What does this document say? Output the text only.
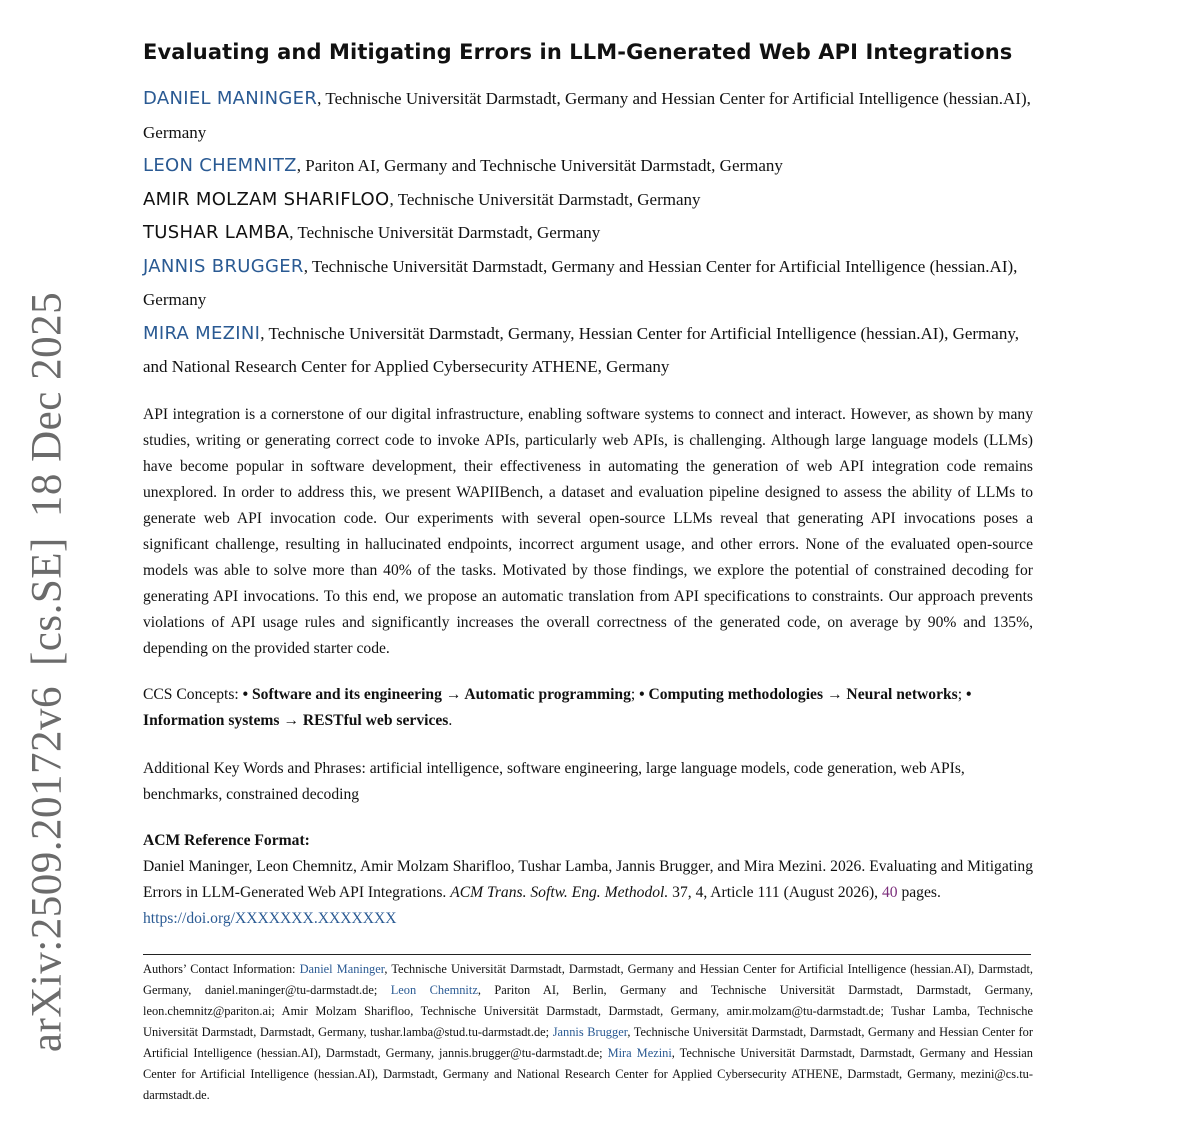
arXiv:2509.20172v6[cs.SE]18 Dec 2025
Evaluating and Mitigating Errors in LLM-Generated Web API Integrations

DANIEL MANINGER, Technische Universität Darmstadt, Germany and Hessian Center for Artificial Intelligence (hessian.AI), Germany

LEON CHEMNITZ, Pariton AI, Germany and Technische Universität Darmstadt, Germany

AMIR MOLZAM SHARIFLOO, Technische Universität Darmstadt, Germany

TUSHAR LAMBA, Technische Universität Darmstadt, Germany

JANNIS BRUGGER, Technische Universität Darmstadt, Germany and Hessian Center for Artificial Intelligence (hessian.AI), Germany

MIRA MEZINI, Technische Universität Darmstadt, Germany, Hessian Center for Artificial Intelligence (hessian.AI), Germany, and National Research Center for Applied Cybersecurity ATHENE, Germany

API integration is a cornerstone of our digital infrastructure, enabling software systems to connect and interact. However, as shown by many studies, writing or generating correct code to invoke APIs, particularly web APIs, is challenging. Although large language models (LLMs) have become popular in software development, their effectiveness in automating the generation of web API integration code remains unexplored. In order to address this, we present WAPIIBench, a dataset and evaluation pipeline designed to assess the ability of LLMs to generate web API invocation code. Our experiments with several open-source LLMs reveal that generating API invocations poses a significant challenge, resulting in hallucinated endpoints, incorrect argument usage, and other errors. None of the evaluated open-source models was able to solve more than 40% of the tasks. Motivated by those findings, we explore the potential of constrained decoding for generating API invocations. To this end, we propose an automatic translation from API specifications to constraints. Our approach prevents violations of API usage rules and significantly increases the overall correctness of the generated code, on average by 90% and 135%, depending on the provided starter code.

CCS Concepts: • Software and its engineering → Automatic programming; • Computing methodologies → Neural networks; • Information systems → RESTful web services.

Additional Key Words and Phrases: artificial intelligence, software engineering, large language models, code generation, web APIs, benchmarks, constrained decoding

ACM Reference Format:

Daniel Maninger, Leon Chemnitz, Amir Molzam Sharifloo, Tushar Lamba, Jannis Brugger, and Mira Mezini. 2026. Evaluating and Mitigating Errors in LLM-Generated Web API Integrations. ACM Trans. Softw. Eng. Methodol. 37, 4, Article 111 (August 2026), 40 pages.
https://doi.org/XXXXXXX.XXXXXXX

Authors’ Contact Information: Daniel Maninger, Technische Universität Darmstadt, Darmstadt, Germany and Hessian Center for Artificial Intelligence (hessian.AI), Darmstadt, Germany, daniel.maninger@tu-darmstadt.de; Leon Chemnitz, Pariton AI, Berlin, Germany and Technische Universität Darmstadt, Darmstadt, Germany, leon.chemnitz@pariton.ai; Amir Molzam Sharifloo, Technische Universität Darmstadt, Darmstadt, Germany, amir.molzam@tu-darmstadt.de; Tushar Lamba, Technische Universität Darmstadt, Darmstadt, Germany, tushar.lamba@stud.tu-darmstadt.de; Jannis Brugger, Technische Universität Darmstadt, Darmstadt, Germany and Hessian Center for Artificial Intelligence (hessian.AI), Darmstadt, Germany, jannis.brugger@tu-darmstadt.de; Mira Mezini, Technische Universität Darmstadt, Darmstadt, Germany and Hessian Center for Artificial Intelligence (hessian.AI), Darmstadt, Germany and National Research Center for Applied Cybersecurity ATHENE, Darmstadt, Germany, mezini@cs.tu-darmstadt.de.
